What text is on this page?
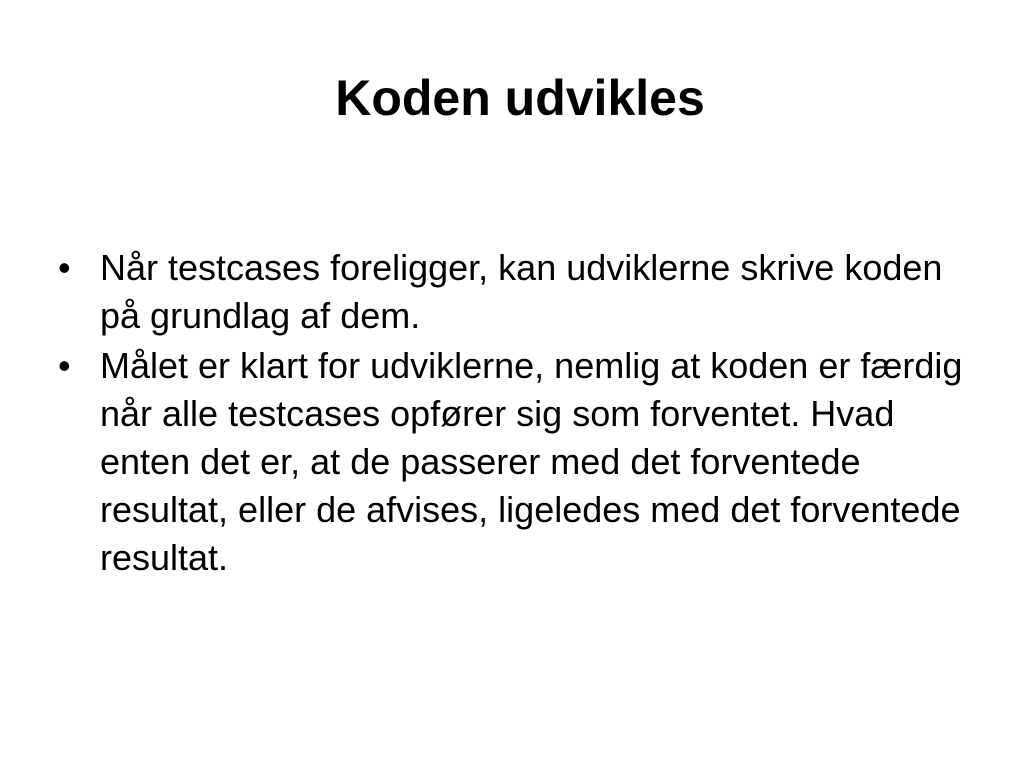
Koden udvikles
• Når testcases foreligger, kan udviklerne skrive koden på grundlag af dem.
• Målet er klart for udviklerne, nemlig at koden er færdig når alle testcases opfører sig som forventet. Hvad enten det er, at de passerer med det forventede resultat, eller de afvises, ligeledes med det forventede resultat.
